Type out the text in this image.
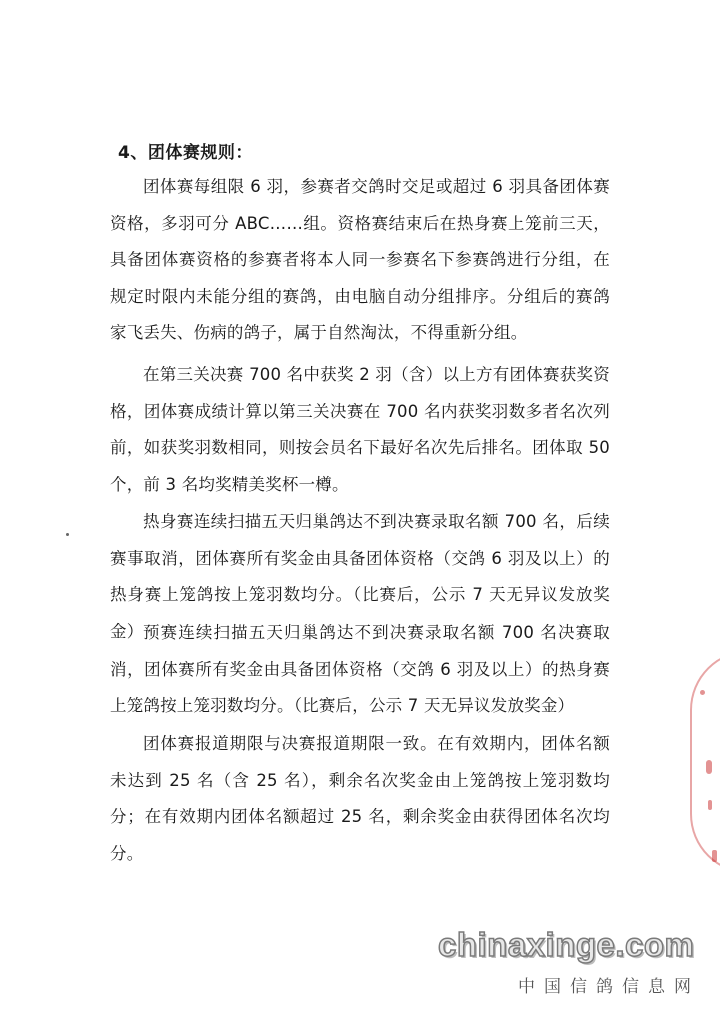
4、团体赛规则：

团体赛每组限 6 羽，参赛者交鸽时交足或超过 6 羽具备团体赛资格，多羽可分 ABC……组。资格赛结束后在热身赛上笼前三天，具备团体赛资格的参赛者将本人同一参赛名下参赛鸽进行分组，在规定时限内未能分组的赛鸽，由电脑自动分组排序。分组后的赛鸽家飞丢失、伤病的鸽子，属于自然淘汰，不得重新分组。

在第三关决赛 700 名中获奖 2 羽（含）以上方有团体赛获奖资格，团体赛成绩计算以第三关决赛在 700 名内获奖羽数多者名次列前，如获奖羽数相同，则按会员名下最好名次先后排名。团体取 50 个，前 3 名均奖精美奖杯一樽。

热身赛连续扫描五天归巢鸽达不到决赛录取名额 700 名，后续赛事取消，团体赛所有奖金由具备团体资格（交鸽 6 羽及以上）的热身赛上笼鸽按上笼羽数均分。（比赛后，公示 7 天无异议发放奖金） 预赛连续扫描五天归巢鸽达不到决赛录取名额 700 名决赛取消，团体赛所有奖金由具备团体资格（交鸽 6 羽及以上）的热身赛上笼鸽按上笼羽数均分。（比赛后，公示 7 天无异议发放奖金）

团体赛报道期限与决赛报道期限一致。在有效期内，团体名额未达到 25 名（含 25 名），剩余名次奖金由上笼鸽按上笼羽数均分；在有效期内团体名额超过 25 名，剩余奖金由获得团体名次均分。

chinaxinge.com
中国信鸽信息网
